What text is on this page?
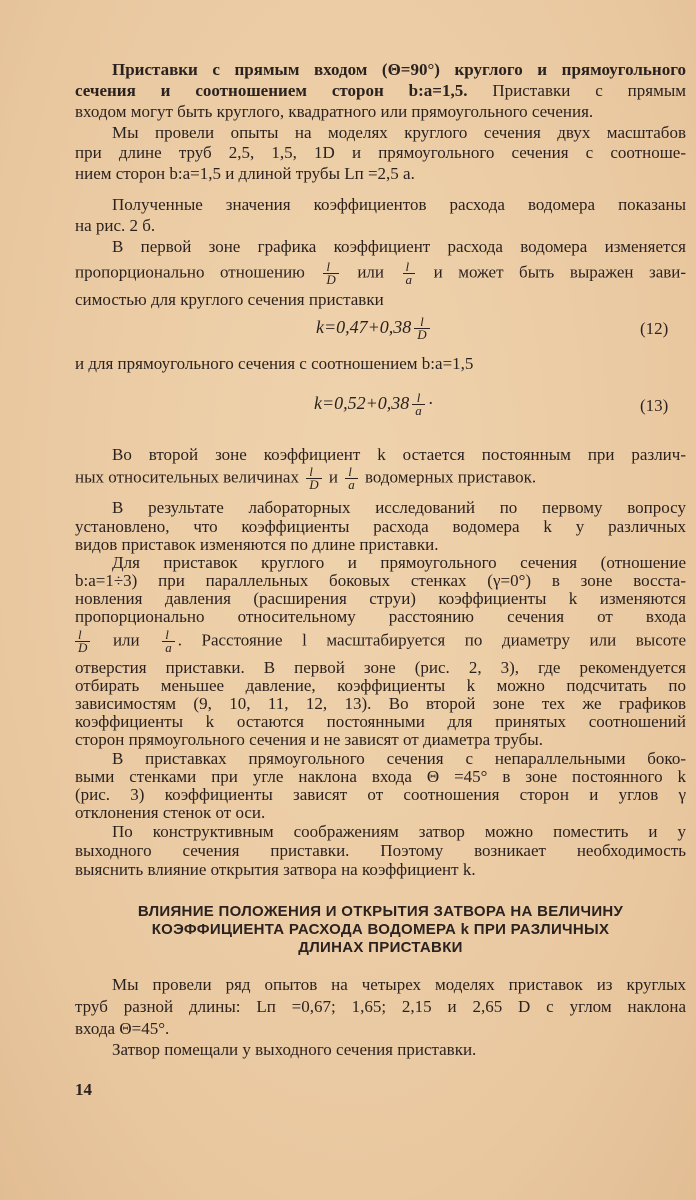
Приставки с прямым входом (Θ=90°) круглого и прямоугольного
сечения и соотношением сторон b:a=1,5. Приставки с прямым
входом могут быть круглого, квадратного или прямоугольного сечения.
Мы провели опыты на моделях круглого сечения двух масштабов
при длине труб 2,5, 1,5, 1D и прямоугольного сечения с соотноше-
нием сторон b:a=1,5 и длиной трубы Lп =2,5 a.
Полученные значения коэффициентов расхода водомера показаны
на рис. 2 б.
В первой зоне графика коэффициент расхода водомера изменяется
пропорционально отношению $\frac{l}{D}$ или $\frac{l}{a}$ и может быть выражен зави-
симостью для круглого сечения приставки
$k=0,47+0,38 \frac{l}{D}$	(12)
и для прямоугольного сечения с соотношением b:a=1,5
$k=0,52+0,38 \frac{l}{a}$ ·	(13)
Во второй зоне коэффициент k остается постоянным при различ-
ных относительных величинах $\frac{l}{D}$ и $\frac{l}{a}$ водомерных приставок.
В результате лабораторных исследований по первому вопросу
установлено, что коэффициенты расхода водомера k у различных
видов приставок изменяются по длине приставки.
Для приставок круглого и прямоугольного сечения (отношение
b:a=1÷3) при параллельных боковых стенках (γ=0°) в зоне восста-
новления давления (расширения струи) коэффициенты k изменяются
пропорционально относительному расстоянию сечения от входа
$\frac{l}{D}$ или $\frac{l}{a}$ . Расстояние l масштабируется по диаметру или высоте
отверстия приставки. В первой зоне (рис. 2, 3), где рекомендуется
отбирать меньшее давление, коэффициенты k можно подсчитать по
зависимостям (9, 10, 11, 12, 13). Во второй зоне тех же графиков
коэффициенты k остаются постоянными для принятых соотношений
сторон прямоугольного сечения и не зависят от диаметра трубы.
В приставках прямоугольного сечения с непараллельными боко-
выми стенками при угле наклона входа Θ =45° в зоне постоянного k
(рис. 3) коэффициенты зависят от соотношения сторон и углов γ
отклонения стенок от оси.
По конструктивным соображениям затвор можно поместить и у
выходного сечения приставки. Поэтому возникает необходимость
выяснить влияние открытия затвора на коэффициент k.
ВЛИЯНИЕ ПОЛОЖЕНИЯ И ОТКРЫТИЯ ЗАТВОРА НА ВЕЛИЧИНУ
КОЭФФИЦИЕНТА РАСХОДА ВОДОМЕРА k ПРИ РАЗЛИЧНЫХ
ДЛИНАХ ПРИСТАВКИ
Мы провели ряд опытов на четырех моделях приставок из круглых
труб разной длины: Lп =0,67; 1,65; 2,15 и 2,65 D с углом наклона
входа Θ=45°.
Затвор помещали у выходного сечения приставки.
14
